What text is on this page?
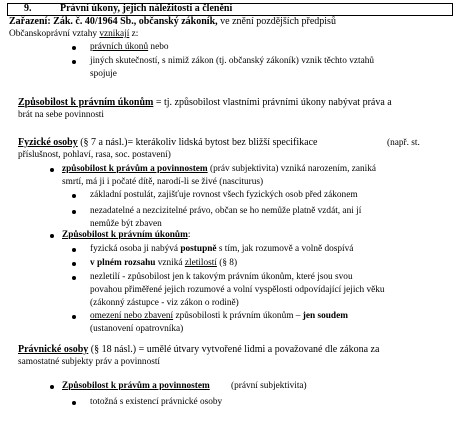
9.	Právní úkony, jejich náležitosti a členění
Zařazení: Zák. č. 40/1964 Sb., občanský zákoník, ve znění pozdějších předpisů
Občanskoprávní vztahy vznikají z:
právních úkonů nebo
jiných skutečností, s nimiž zákon (tj. občanský zákoník) vznik těchto vztahů
spojuje
Způsobilost k právním úkonům = tj. způsobilost vlastními právními úkony nabývat práva a
brát na sebe povinnosti
Fyzické osoby (§ 7 a násl.)= kterákoliv lidská bytost bez bližší specifikace	(např. st.
příslušnost, pohlaví, rasa, soc. postavení)
způsobilost k právům a povinnostem (práv subjektivita) vzniká narozením, zaniká
smrtí, má ji i počaté dítě, narodí-li se živé (nasciturus)
základní postulát, zajišťuje rovnost všech fyzických osob před zákonem
nezadatelné a nezcizitelné právo, občan se ho nemůže platně vzdát, ani jí
nemůže být zbaven
Způsobilost k právním úkonům:
fyzická osoba ji nabývá postupně s tím, jak rozumově a volně dospívá
v plném rozsahu vzniká zletilostí (§ 8)
nezletilí - způsobilost jen k takovým právním úkonům, které jsou svou
povahou přiměřené jejich rozumové a volní vyspělosti odpovídající jejich věku
(zákonný zástupce - viz zákon o rodině)
omezení nebo zbavení způsobilosti k právním úkonům – jen soudem
(ustanovení opatrovníka)
Právnické osoby (§ 18 násl.) = umělé útvary vytvořené lidmi a považované dle zákona za
samostatné subjekty práv a povinností
Způsobilost k právům a povinnostem (právní subjektivita)
totožná s existencí právnické osoby
